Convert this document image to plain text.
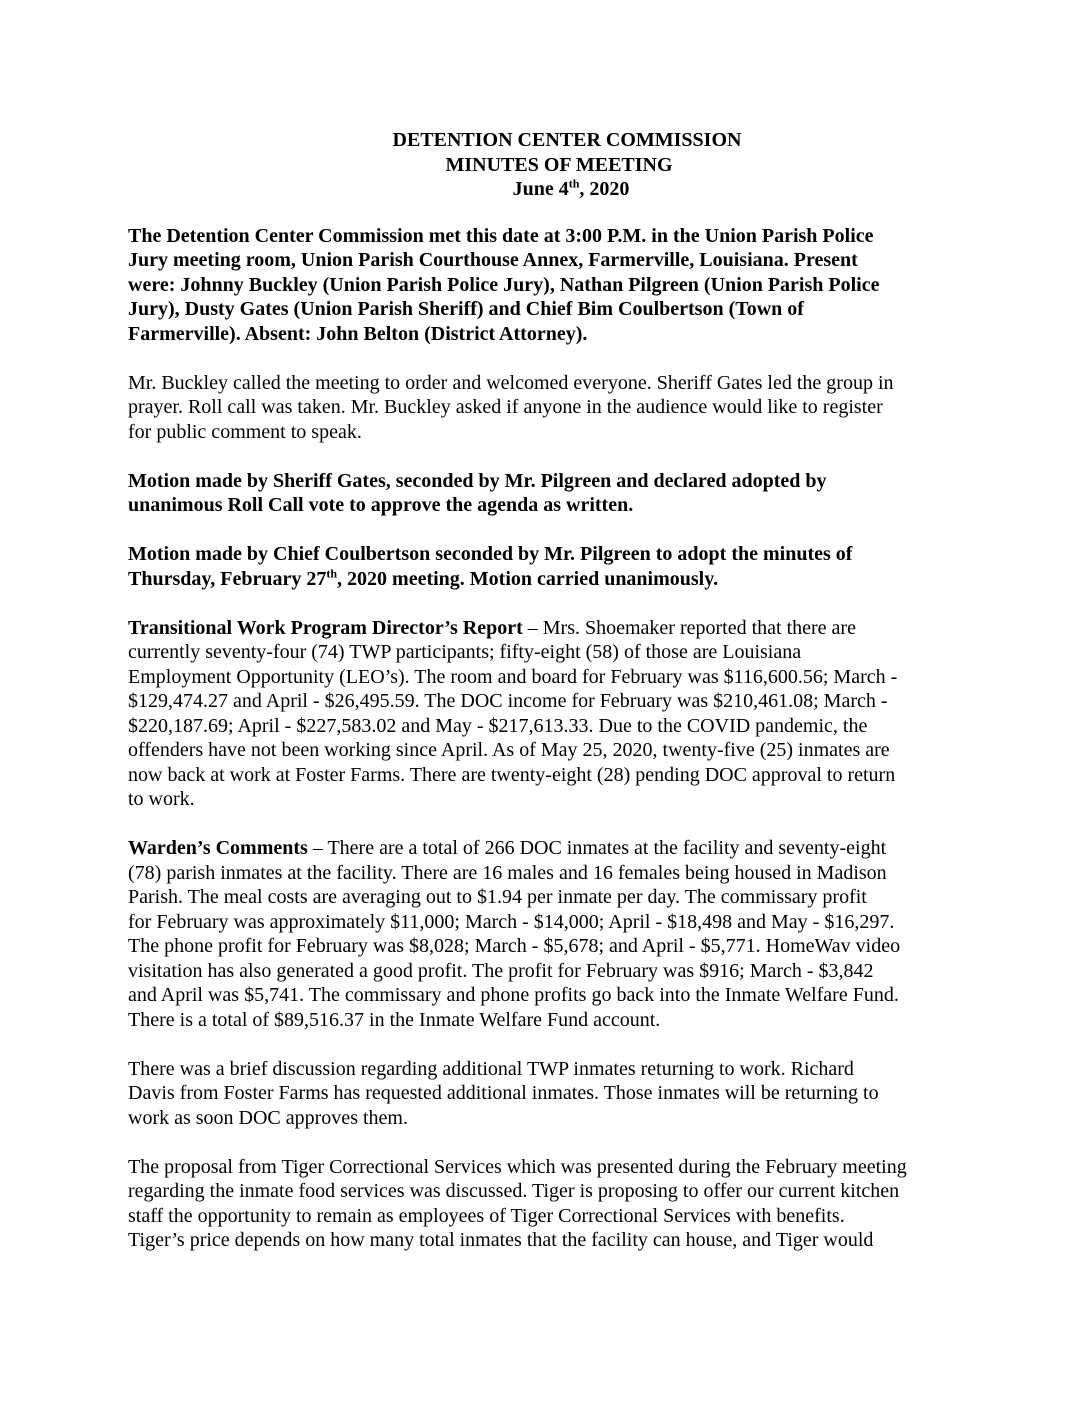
DETENTION CENTER COMMISSION
MINUTES OF MEETING
June 4th, 2020

The Detention Center Commission met this date at 3:00 P.M. in the Union Parish Police
Jury meeting room, Union Parish Courthouse Annex, Farmerville, Louisiana. Present
were: Johnny Buckley (Union Parish Police Jury), Nathan Pilgreen (Union Parish Police
Jury), Dusty Gates (Union Parish Sheriff) and Chief Bim Coulbertson (Town of
Farmerville). Absent: John Belton (District Attorney).

Mr. Buckley called the meeting to order and welcomed everyone. Sheriff Gates led the group in
prayer. Roll call was taken. Mr. Buckley asked if anyone in the audience would like to register
for public comment to speak.

Motion made by Sheriff Gates, seconded by Mr. Pilgreen and declared adopted by
unanimous Roll Call vote to approve the agenda as written.

Motion made by Chief Coulbertson seconded by Mr. Pilgreen to adopt the minutes of
Thursday, February 27th, 2020 meeting. Motion carried unanimously.

Transitional Work Program Director’s Report – Mrs. Shoemaker reported that there are
currently seventy-four (74) TWP participants; fifty-eight (58) of those are Louisiana
Employment Opportunity (LEO’s). The room and board for February was $116,600.56; March -
$129,474.27 and April - $26,495.59. The DOC income for February was $210,461.08; March -
$220,187.69; April - $227,583.02 and May - $217,613.33. Due to the COVID pandemic, the
offenders have not been working since April. As of May 25, 2020, twenty-five (25) inmates are
now back at work at Foster Farms. There are twenty-eight (28) pending DOC approval to return
to work.

Warden’s Comments – There are a total of 266 DOC inmates at the facility and seventy-eight
(78) parish inmates at the facility. There are 16 males and 16 females being housed in Madison
Parish. The meal costs are averaging out to $1.94 per inmate per day. The commissary profit
for February was approximately $11,000; March - $14,000; April - $18,498 and May - $16,297.
The phone profit for February was $8,028; March - $5,678; and April - $5,771. HomeWav video
visitation has also generated a good profit. The profit for February was $916; March - $3,842
and April was $5,741. The commissary and phone profits go back into the Inmate Welfare Fund.
There is a total of $89,516.37 in the Inmate Welfare Fund account.

There was a brief discussion regarding additional TWP inmates returning to work. Richard
Davis from Foster Farms has requested additional inmates. Those inmates will be returning to
work as soon DOC approves them.

The proposal from Tiger Correctional Services which was presented during the February meeting
regarding the inmate food services was discussed. Tiger is proposing to offer our current kitchen
staff the opportunity to remain as employees of Tiger Correctional Services with benefits.
Tiger’s price depends on how many total inmates that the facility can house, and Tiger would
